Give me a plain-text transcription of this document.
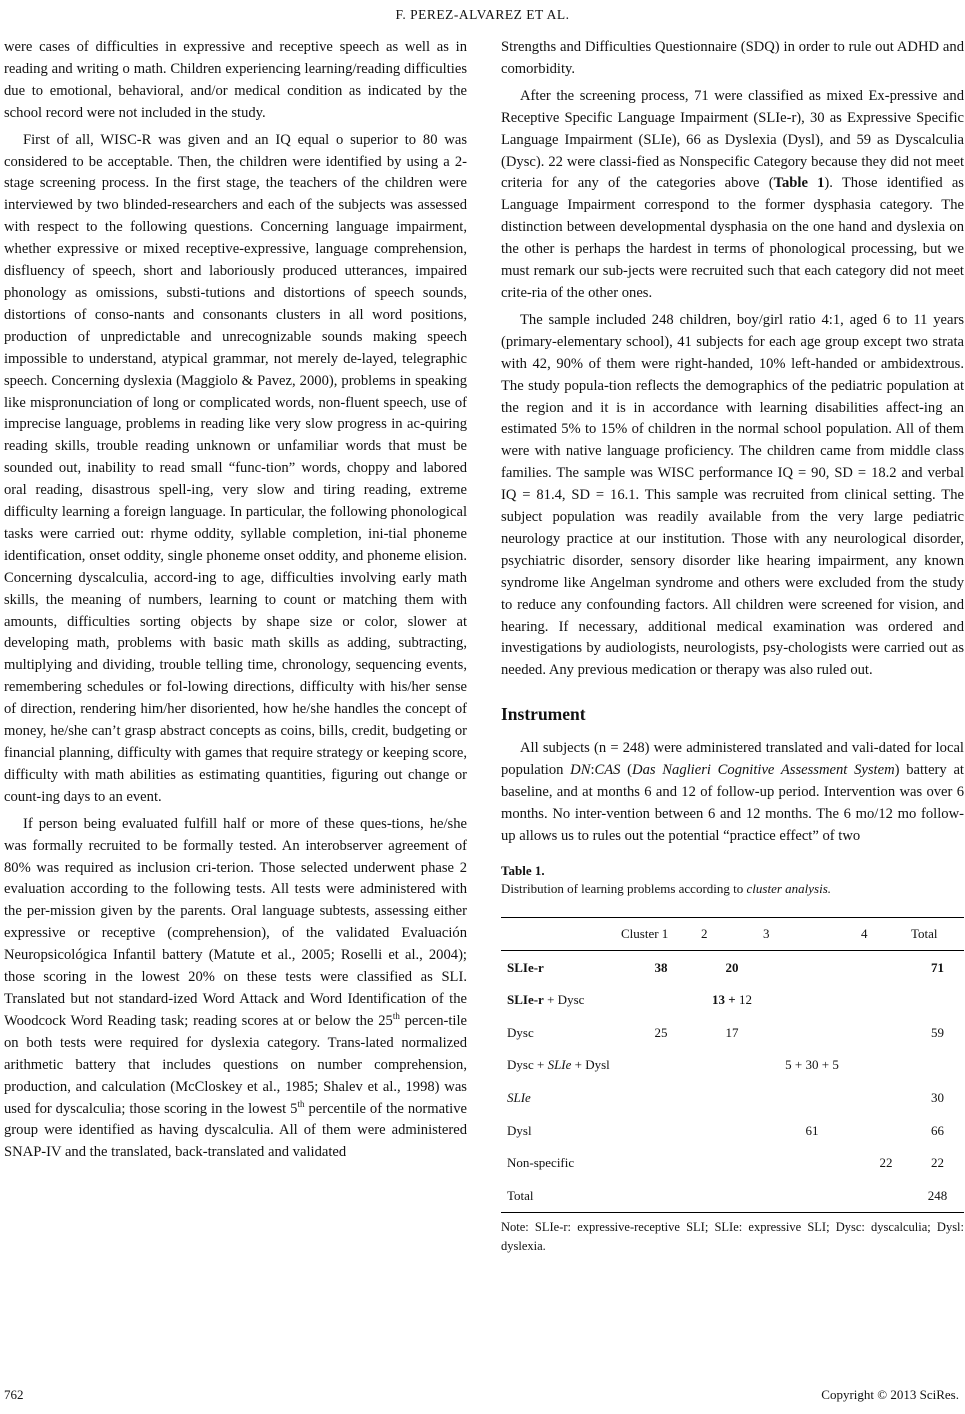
F. PEREZ-ALVAREZ ET AL.

were cases of difficulties in expressive and receptive speech as well as in reading and writing o math. Children experiencing learning/reading difficulties due to emotional, behavioral, and/or medical condition as indicated by the school record were not included in the study.

First of all, WISC-R was given and an IQ equal o superior to 80 was considered to be acceptable. Then, the children were identified by using a 2-stage screening process. In the first stage, the teachers of the children were interviewed by two blinded-researchers and each of the subjects was assessed with respect to the following questions. Concerning language impairment, whether expressive or mixed receptive-expressive, language comprehension, disfluency of speech, short and laboriously produced utterances, impaired phonology as omissions, substi-tutions and distortions of speech sounds, distortions of conso-nants and consonants clusters in all word positions, production of unpredictable and unrecognizable sounds making speech impossible to understand, atypical grammar, not merely de-layed, telegraphic speech. Concerning dyslexia (Maggiolo & Pavez, 2000), problems in speaking like mispronunciation of long or complicated words, non-fluent speech, use of imprecise language, problems in reading like very slow progress in ac-quiring reading skills, trouble reading unknown or unfamiliar words that must be sounded out, inability to read small “func-tion” words, choppy and labored oral reading, disastrous spell-ing, very slow and tiring reading, extreme difficulty learning a foreign language. In particular, the following phonological tasks were carried out: rhyme oddity, syllable completion, ini-tial phoneme identification, onset oddity, single phoneme onset oddity, and phoneme elision. Concerning dyscalculia, accord-ing to age, difficulties involving early math skills, the meaning of numbers, learning to count or matching them with amounts, difficulties sorting objects by shape size or color, slower at developing math, problems with basic math skills as adding, subtracting, multiplying and dividing, trouble telling time, chronology, sequencing events, remembering schedules or fol-lowing directions, difficulty with his/her sense of direction, rendering him/her disoriented, how he/she handles the concept of money, he/she can’t grasp abstract concepts as coins, bills, credit, budgeting or financial planning, difficulty with games that require strategy or keeping score, difficulty with math abilities as estimating quantities, figuring out change or count-ing days to an event.

If person being evaluated fulfill half or more of these ques-tions, he/she was formally recruited to be formally tested. An interobserver agreement of 80% was required as inclusion cri-terion. Those selected underwent phase 2 evaluation according to the following tests. All tests were administered with the per-mission given by the parents. Oral language subtests, assessing either expressive or receptive (comprehension), of the validated Evaluación Neuropsicológica Infantil battery (Matute et al., 2005; Roselli et al., 2004); those scoring in the lowest 20% on these tests were classified as SLI. Translated but not standard-ized Word Attack and Word Identification of the Woodcock Word Reading task; reading scores at or below the 25th percen-tile on both tests were required for dyslexia category. Trans-lated normalized arithmetic battery that includes questions on number comprehension, production, and calculation (McCloskey et al., 1985; Shalev et al., 1998) was used for dyscalculia; those scoring in the lowest 5th percentile of the normative group were identified as having dyscalculia. All of them were administered SNAP-IV and the translated, back-translated and validated

Strengths and Difficulties Questionnaire (SDQ) in order to rule out ADHD and comorbidity.

After the screening process, 71 were classified as mixed Ex-pressive and Receptive Specific Language Impairment (SLIe-r), 30 as Expressive Specific Language Impairment (SLIe), 66 as Dyslexia (Dysl), and 59 as Dyscalculia (Dysc). 22 were classi-fied as Nonspecific Category because they did not meet criteria for any of the categories above (Table 1). Those identified as Language Impairment correspond to the former dysphasia category. The distinction between developmental dysphasia on the one hand and dyslexia on the other is perhaps the hardest in terms of phonological processing, but we must remark our sub-jects were recruited such that each category did not meet crite-ria of the other ones.

The sample included 248 children, boy/girl ratio 4:1, aged 6 to 11 years (primary-elementary school), 41 subjects for each age group except two strata with 42, 90% of them were right-handed, 10% left-handed or ambidextrous. The study popula-tion reflects the demographics of the pediatric population at the region and it is in accordance with learning disabilities affect-ing an estimated 5% to 15% of children in the normal school population. All of them were with native language proficiency. The children came from middle class families. The sample was WISC performance IQ = 90, SD = 18.2 and verbal IQ = 81.4, SD = 16.1. This sample was recruited from clinical setting. The subject population was readily available from the very large pediatric neurology practice at our institution. Those with any neurological disorder, psychiatric disorder, sensory disorder like hearing impairment, any known syndrome like Angelman syndrome and others were excluded from the study to reduce any confounding factors. All children were screened for vision, and hearing. If necessary, additional medical examination was ordered and investigations by audiologists, neurologists, psy-chologists were carried out as needed. Any previous medication or therapy was also ruled out.

Instrument

All subjects (n = 248) were administered translated and vali-dated for local population DN:CAS (Das Naglieri Cognitive Assessment System) battery at baseline, and at months 6 and 12 of follow-up period. Intervention was over 6 months. No inter-vention between 6 and 12 months. The 6 mo/12 mo follow-up allows us to rules out the potential “practice effect” of two

Table 1.
Distribution of learning problems according to cluster analysis.
	Cluster 1	2	3	4	Total
SLIe-r	38	20			71
SLIe-r + Dysc		13 + 12			
Dysc	25	17			59
Dysc + SLIe + Dysl			5 + 30 + 5		
SLIe					30
Dysl			61		66
Non-specific				22	22
Total					248
Note: SLIe-r: expressive-receptive SLI; SLIe: expressive SLI; Dysc: dyscalculia; Dysl: dyslexia.
762	Copyright © 2013 SciRes.
